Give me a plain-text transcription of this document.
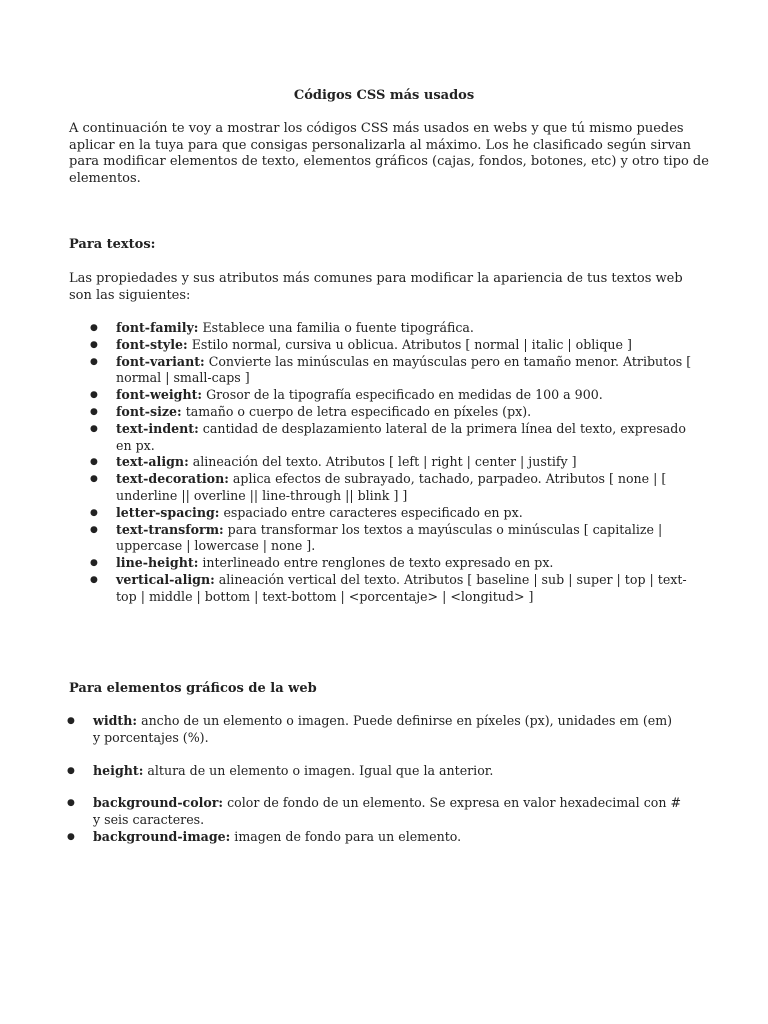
Códigos CSS más usados
A continuación te voy a mostrar los códigos CSS más usados en webs y que tú mismo puedes aplicar en la tuya para que consigas personalizarla al máximo. Los he clasificado según sirvan para modificar elementos de texto, elementos gráficos (cajas, fondos, botones, etc) y otro tipo de elementos.
Para textos:
Las propiedades y sus atributos más comunes para modificar la apariencia de tus textos web son las siguientes:
● font-family: Establece una familia o fuente tipográfica.
● font-style: Estilo normal, cursiva u oblicua. Atributos [ normal | italic | oblique ]
● font-variant: Convierte las minúsculas en mayúsculas pero en tamaño menor. Atributos [ normal | small-caps ]
● font-weight: Grosor de la tipografía especificado en medidas de 100 a 900.
● font-size: tamaño o cuerpo de letra especificado en píxeles (px).
● text-indent: cantidad de desplazamiento lateral de la primera línea del texto, expresado en px.
● text-align: alineación del texto. Atributos [ left | right | center | justify ]
● text-decoration: aplica efectos de subrayado, tachado, parpadeo. Atributos [ none | [ underline || overline || line-through || blink ] ]
● letter-spacing: espaciado entre caracteres especificado en px.
● text-transform: para transformar los textos a mayúsculas o minúsculas [ capitalize | uppercase | lowercase | none ].
● line-height: interlineado entre renglones de texto expresado en px.
● vertical-align: alineación vertical del texto. Atributos [ baseline | sub | super | top | text-top | middle | bottom | text-bottom | <porcentaje> | <longitud> ]
Para elementos gráficos de la web
● width: ancho de un elemento o imagen. Puede definirse en píxeles (px), unidades em (em) y porcentajes (%).
● height: altura de un elemento o imagen. Igual que la anterior.
● background-color: color de fondo de un elemento. Se expresa en valor hexadecimal con # y seis caracteres.
● background-image: imagen de fondo para un elemento.
